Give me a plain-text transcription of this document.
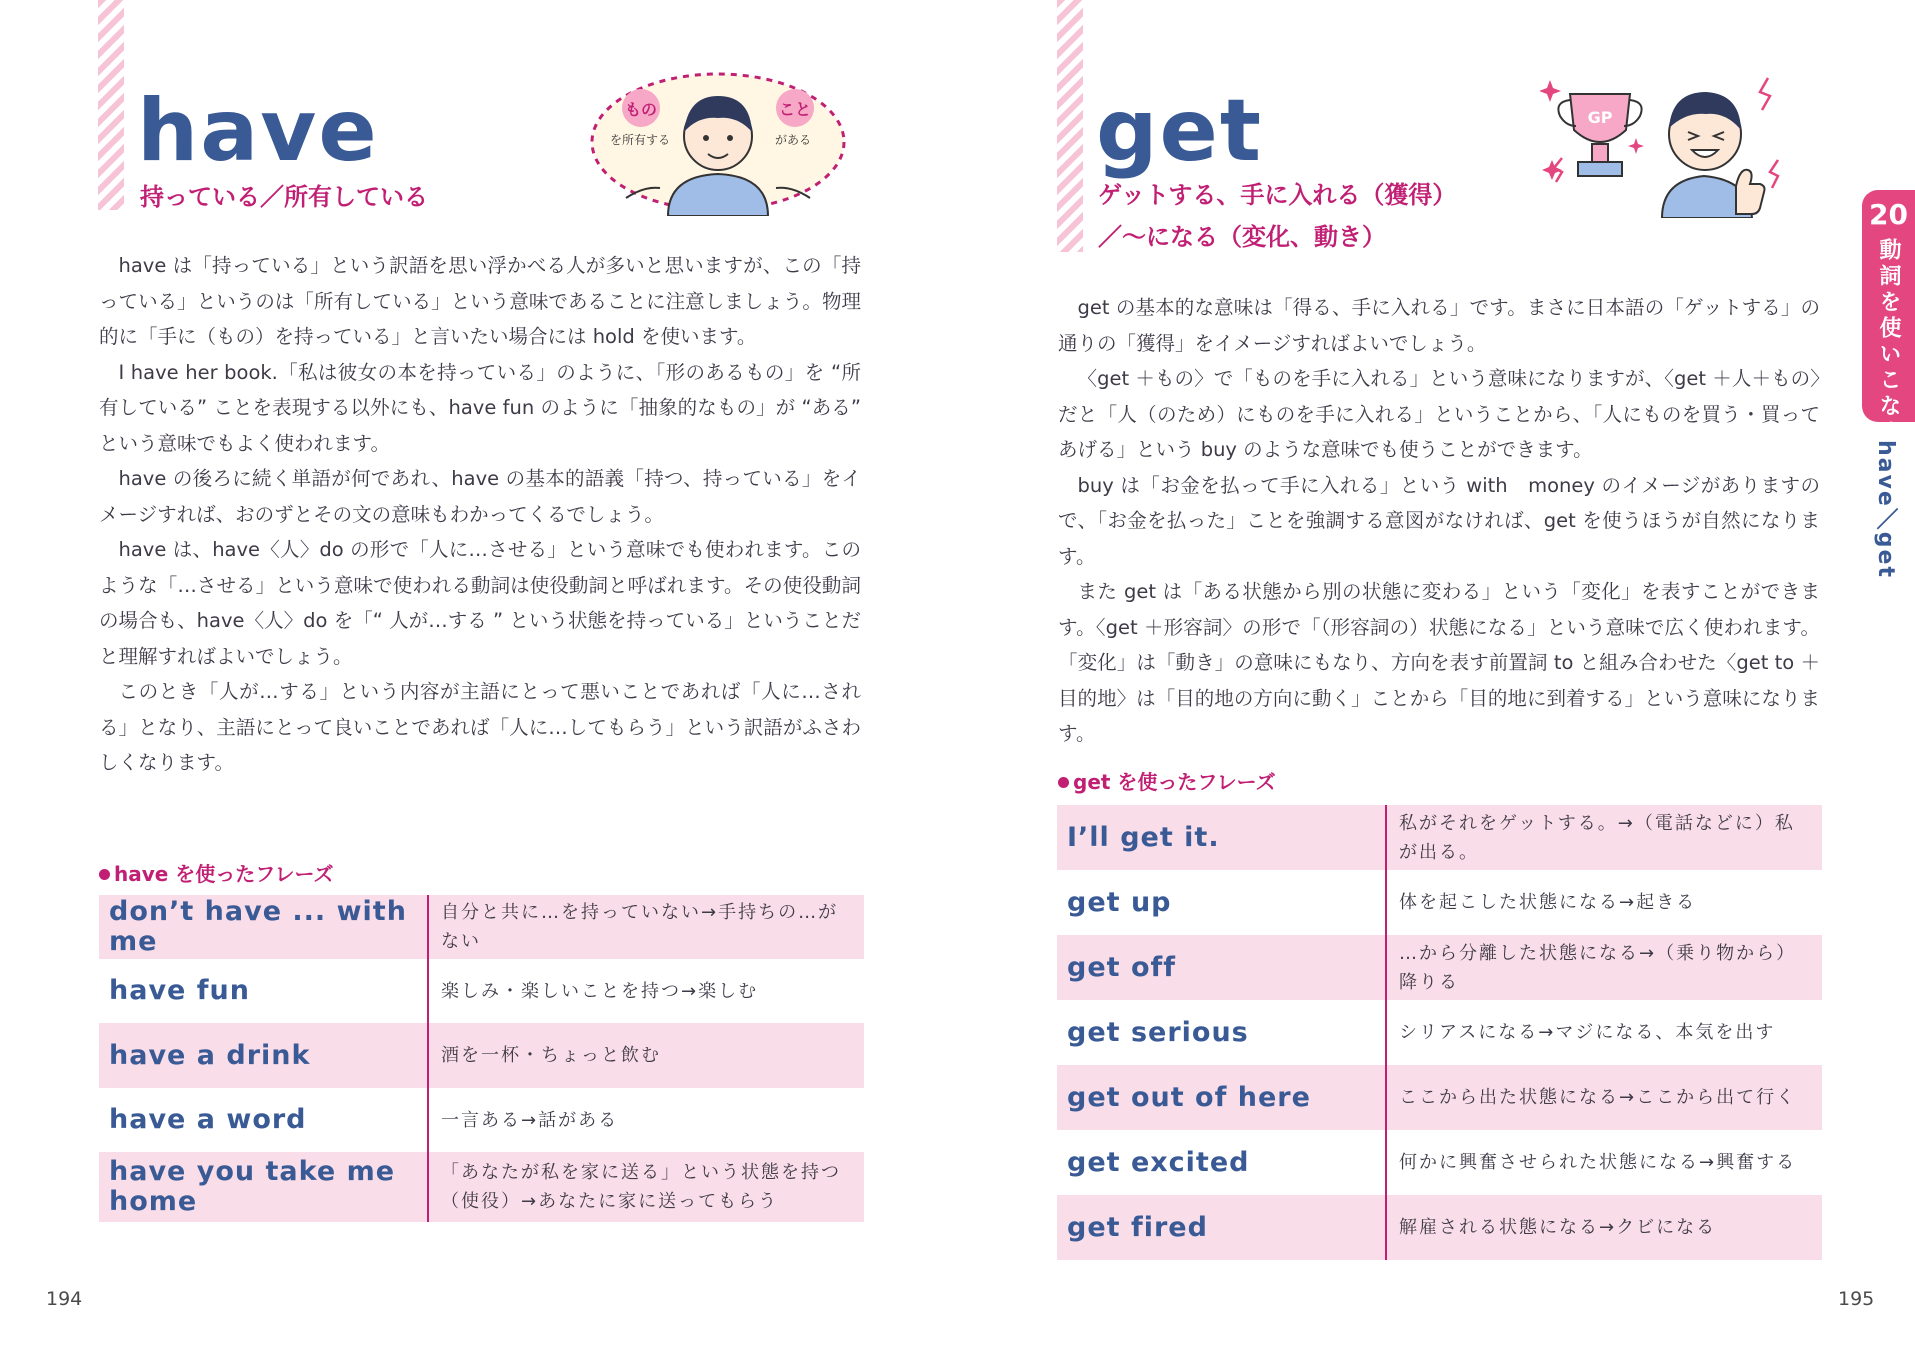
have
持っている／所有している
もの	こと
を所有する	がある

have は「持っている」という訳語を思い浮かべる人が多いと思いますが、この「持っている」というのは「所有している」という意味であることに注意しましょう。物理的に「手に（もの）を持っている」と言いたい場合には hold を使います。

I have her book.「私は彼女の本を持っている」のように、「形のあるもの」を “所有している” ことを表現する以外にも、have fun のように「抽象的なもの」が “ある” という意味でもよく使われます。

have の後ろに続く単語が何であれ、have の基本的語義「持つ、持っている」をイメージすれば、おのずとその文の意味もわかってくるでしょう。

have は、have〈人〉do の形で「人に…させる」という意味でも使われます。このような「…させる」という意味で使われる動詞は使役動詞と呼ばれます。その使役動詞の場合も、have〈人〉do を「“ 人が…する ” という状態を持っている」ということだと理解すればよいでしょう。

このとき「人が…する」という内容が主語にとって悪いことであれば「人に…される」となり、主語にとって良いことであれば「人に…してもらう」という訳語がふさわしくなります。

have を使ったフレーズ
don’t have ... with me
自分と共に…を持っていない→手持ちの…がない
have fun	楽しみ・楽しいことを持つ→楽しむ
have a drink	酒を一杯・ちょっと飲む
have a word	一言ある→話がある
have you take me home
「あなたが私を家に送る」という状態を持つ（使役）→あなたに家に送ってもらう
194
get
ゲットする、手に入れる（獲得）
／〜になる（変化、動き）
GP

get の基本的な意味は「得る、手に入れる」です。まさに日本語の「ゲットする」の通りの「獲得」をイメージすればよいでしょう。

〈get ＋もの〉で「ものを手に入れる」という意味になりますが、〈get ＋人＋もの〉だと「人（のため）にものを手に入れる」ということから、「人にものを買う・買ってあげる」という buy のような意味でも使うことができます。

buy は「お金を払って手に入れる」という with　money のイメージがありますので、「お金を払った」ことを強調する意図がなければ、get を使うほうが自然になります。

また get は「ある状態から別の状態に変わる」という「変化」を表すことができます。〈get ＋形容詞〉の形で「（形容詞の）状態になる」という意味で広く使われます。「変化」は「動き」の意味にもなり、方向を表す前置詞 to と組み合わせた〈get to ＋目的地〉は「目的地の方向に動く」ことから「目的地に到着する」という意味になります。

get を使ったフレーズ
I’ll get it.	私がそれをゲットする。→（電話などに）私が出る。
get up	体を起こした状態になる→起きる
get off	…から分離した状態になる→（乗り物から）降りる
get serious	シリアスになる→マジになる、本気を出す
get out of here	ここから出た状態になる→ここから出て行く
get excited	何かに興奮させられた状態になる→興奮する
get fired	解雇される状態になる→クビになる
195
20
動詞を使いこなす
have／get
